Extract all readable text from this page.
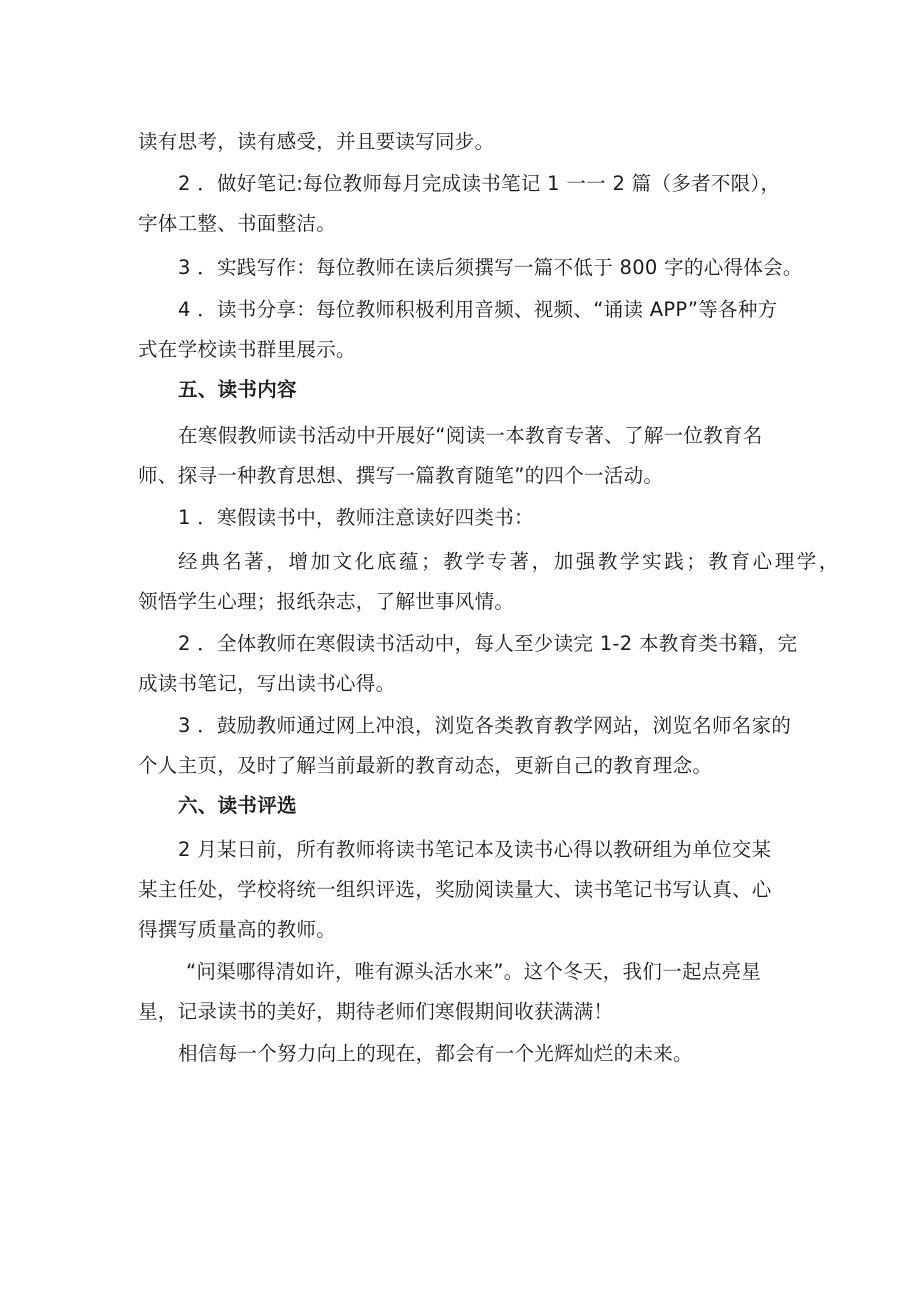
读有思考，读有感受，并且要读写同步。
2 ．做好笔记:每位教师每月完成读书笔记 1 一一 2 篇（多者不限），
字体工整、书面整洁。
3 ．实践写作：每位教师在读后须撰写一篇不低于 800 字的心得体会。
4 ．读书分享：每位教师积极利用音频、视频、“诵读 APP”等各种方
式在学校读书群里展示。
五、读书内容
在寒假教师读书活动中开展好“阅读一本教育专著、了解一位教育名
师、探寻一种教育思想、撰写一篇教育随笔”的四个一活动。
1 ．寒假读书中，教师注意读好四类书：
经典名著，增加文化底蕴；教学专著，加强教学实践；教育心理学，
领悟学生心理；报纸杂志，了解世事风情。
2 ．全体教师在寒假读书活动中，每人至少读完 1-2 本教育类书籍，完
成读书笔记，写出读书心得。
3 ．鼓励教师通过网上冲浪，浏览各类教育教学网站，浏览名师名家的
个人主页，及时了解当前最新的教育动态，更新自己的教育理念。
六、读书评选
2 月某日前，所有教师将读书笔记本及读书心得以教研组为单位交某
某主任处，学校将统一组织评选，奖励阅读量大、读书笔记书写认真、心
得撰写质量高的教师。
“问渠哪得清如许，唯有源头活水来”。这个冬天，我们一起点亮星
星，记录读书的美好，期待老师们寒假期间收获满满！
相信每一个努力向上的现在，都会有一个光辉灿烂的未来。
